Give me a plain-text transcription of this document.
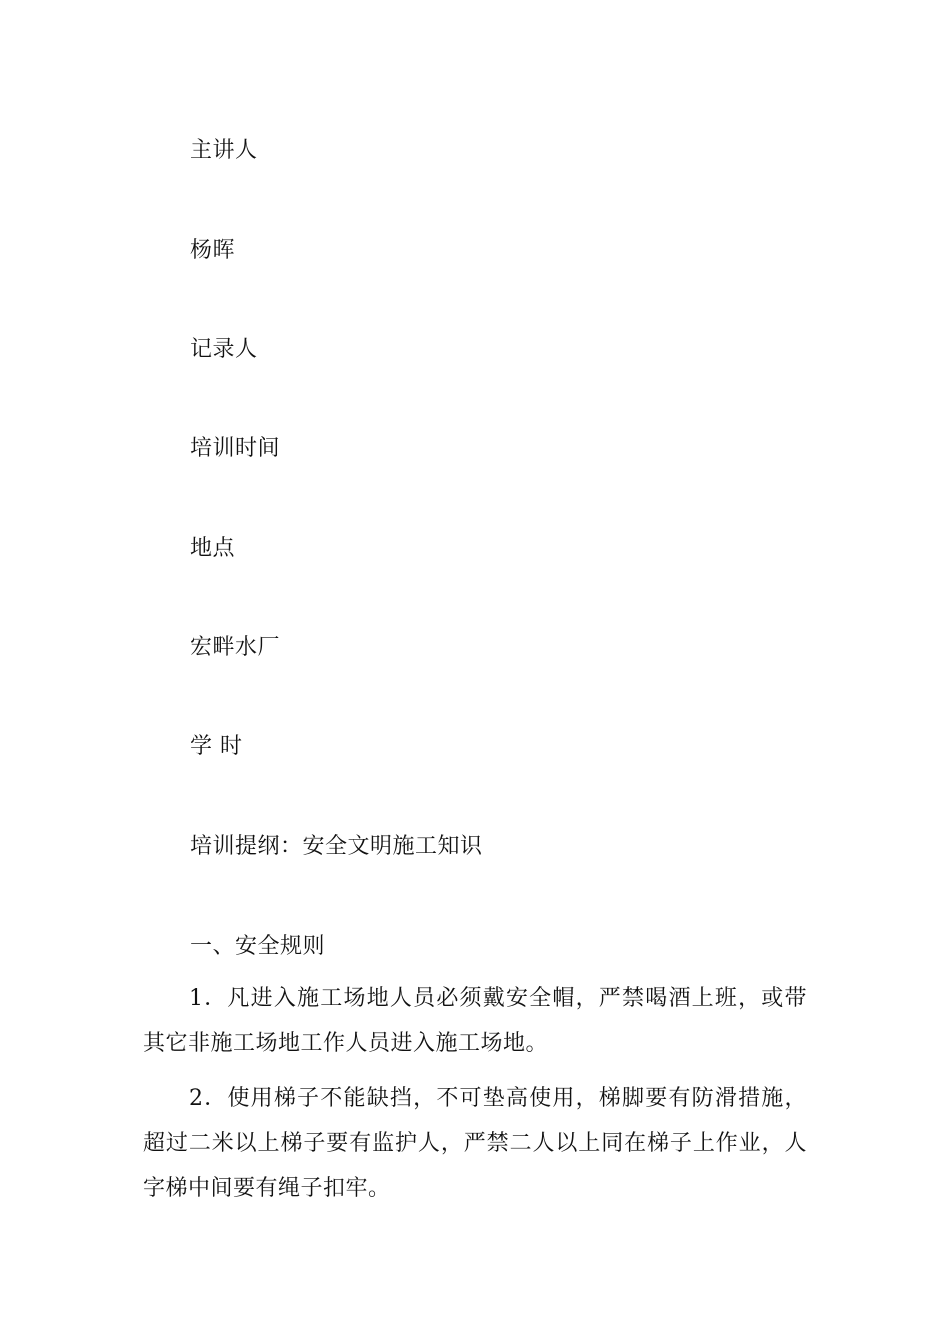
主讲人
杨晖
记录人
培训时间
地点
宏畔水厂
学 时
培训提纲：安全文明施工知识
一、安全规则
1．凡进入施工场地人员必须戴安全帽，严禁喝酒上班，或带其它非施工场地工作人员进入施工场地。
2．使用梯子不能缺挡，不可垫高使用，梯脚要有防滑措施，超过二米以上梯子要有监护人，严禁二人以上同在梯子上作业，人字梯中间要有绳子扣牢。
